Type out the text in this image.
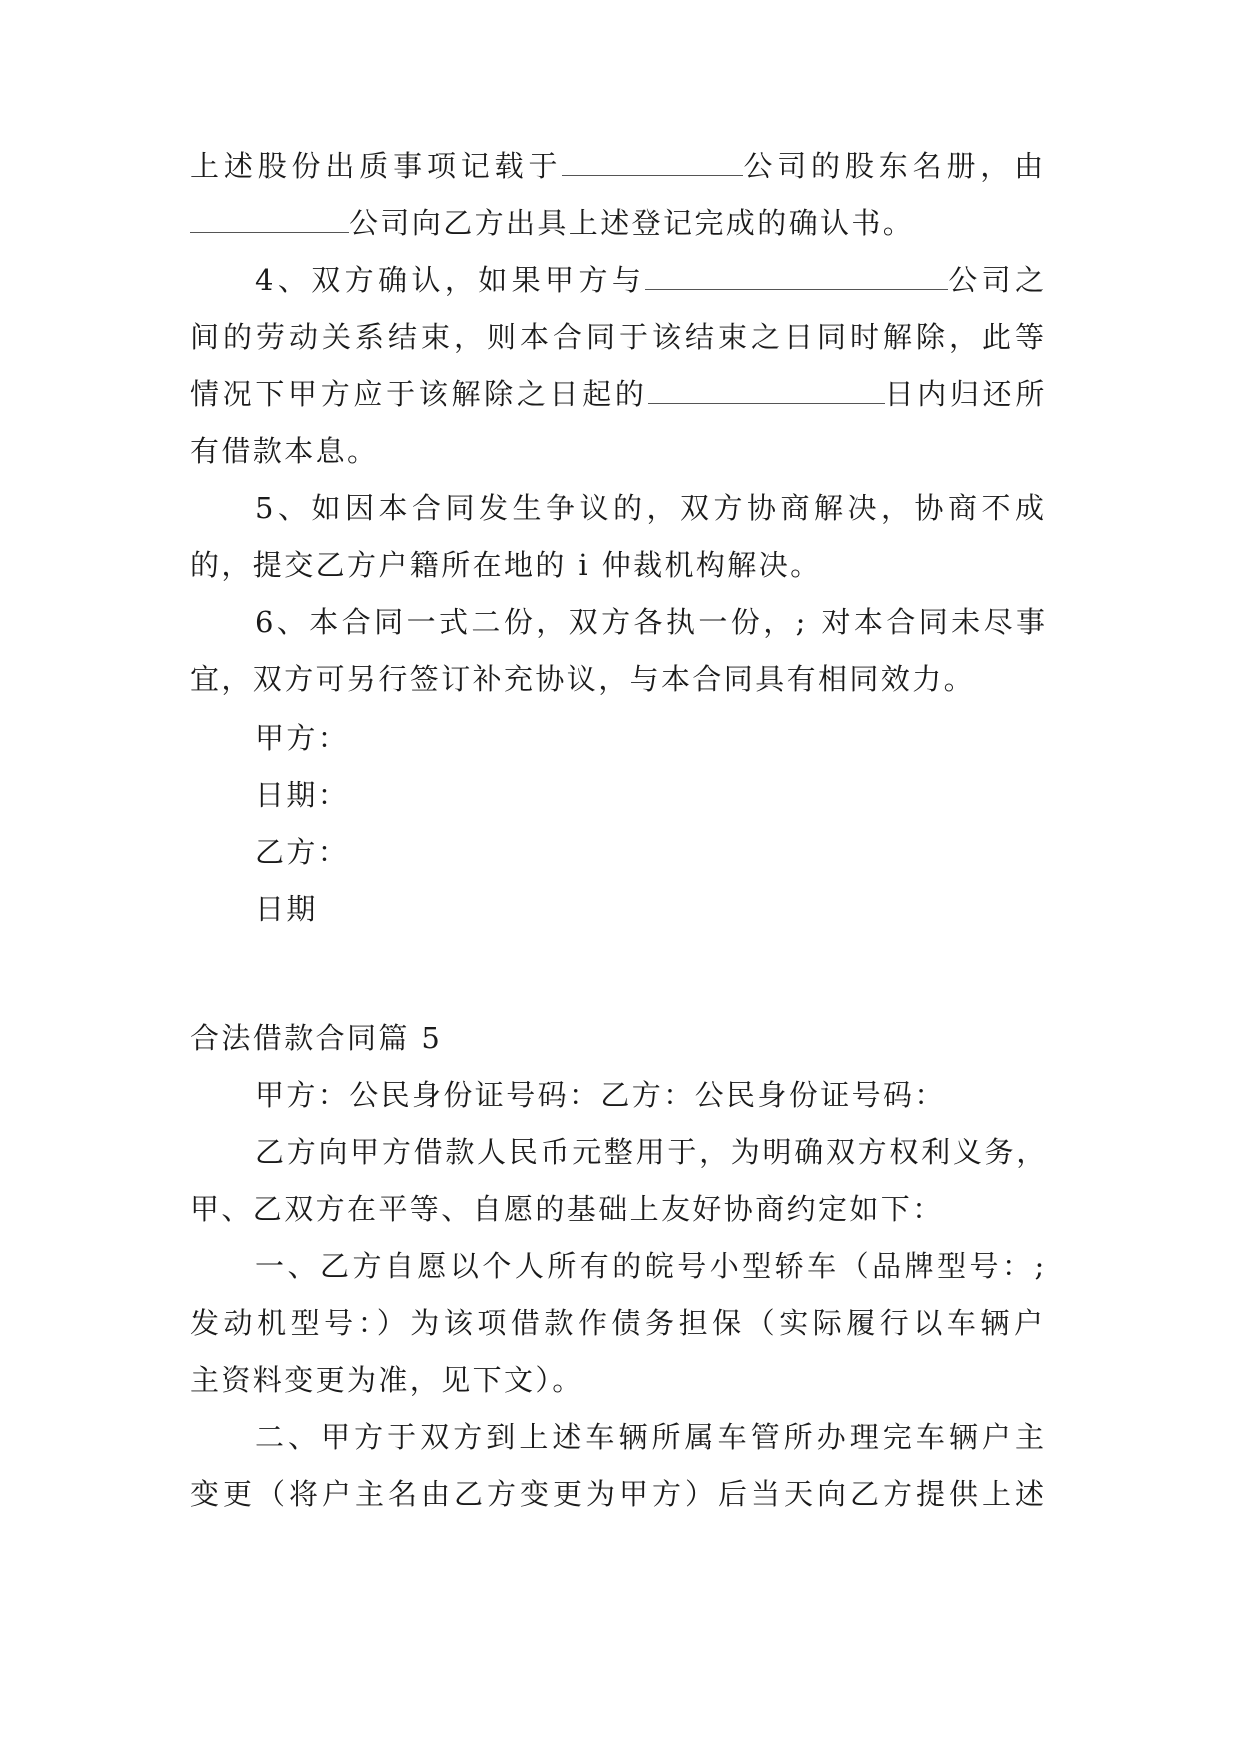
上述股份出质事项记载于	公司的股东名册，由

公司向乙方出具上述登记完成的确认书。

4、双方确认，如果甲方与	公司之

间的劳动关系结束，则本合同于该结束之日同时解除，此等

情况下甲方应于该解除之日起的	日内归还所

有借款本息。

5、如因本合同发生争议的，双方协商解决，协商不成

的，提交乙方户籍所在地的 i 仲裁机构解决。

6、本合同一式二份，双方各执一份，; 对本合同未尽事

宜，双方可另行签订补充协议，与本合同具有相同效力。

甲方：

日期：

乙方：

日期

合法借款合同篇 5

甲方：公民身份证号码：乙方：公民身份证号码：

乙方向甲方借款人民币元整用于，为明确双方权利义务，

甲、乙双方在平等、自愿的基础上友好协商约定如下：

一、乙方自愿以个人所有的皖号小型轿车（品牌型号：;

发动机型号：）为该项借款作债务担保（实际履行以车辆户

主资料变更为准，见下文）。

二、甲方于双方到上述车辆所属车管所办理完车辆户主

变更（将户主名由乙方变更为甲方）后当天向乙方提供上述
